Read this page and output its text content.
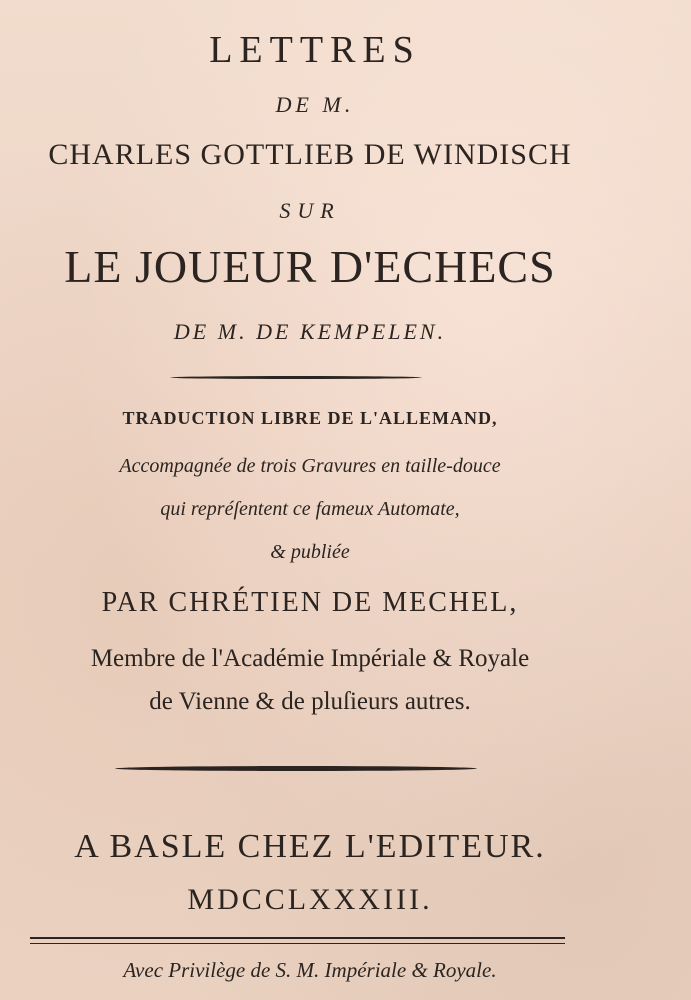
LETTRES
DE M.
CHARLES GOTTLIEB DE WINDISCH
SUR
LE JOUEUR D'ECHECS
DE M. DE KEMPELEN.
TRADUCTION LIBRE DE L'ALLEMAND,
Accompagnée de trois Gravures en taille-douce
qui repréſentent ce fameux Automate,
& publiée
PAR CHRÉTIEN DE MECHEL,
Membre de l'Académie Impériale & Royale
de Vienne & de pluſieurs autres.
A BASLE CHEZ L'EDITEUR.
MDCCLXXXIII.
Avec Privilège de S. M. Impériale & Royale.
